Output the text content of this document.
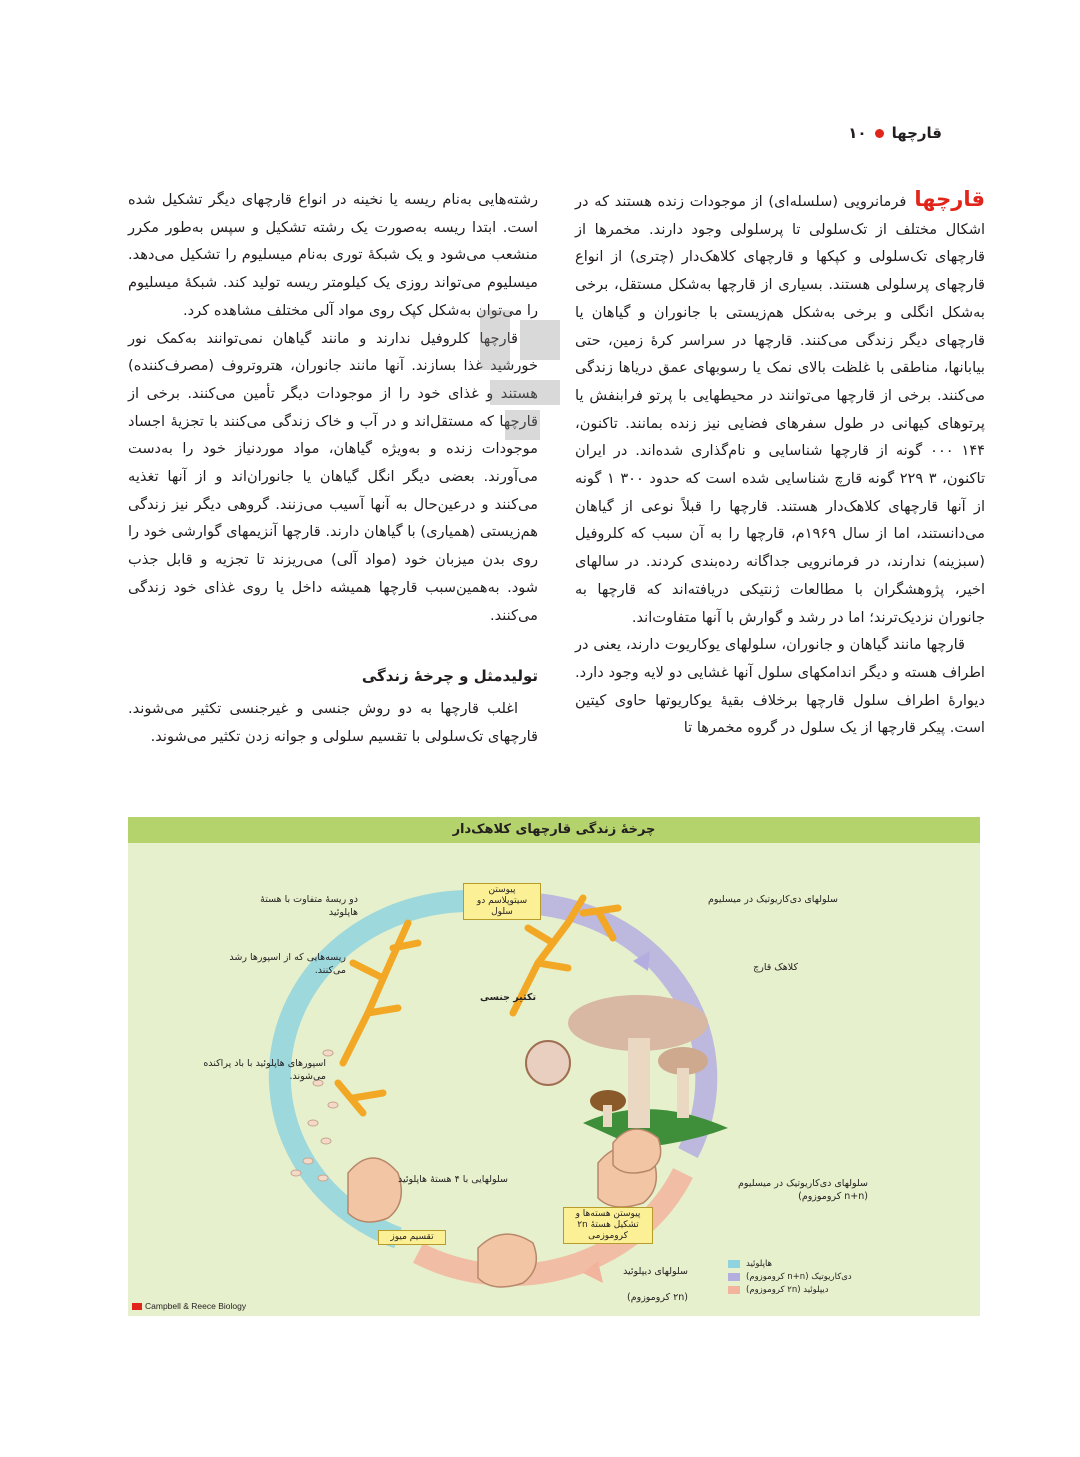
قارچها
۱۰

قارچهافرمانرویی (سلسله‌ای) از موجودات زنده هستند که در اشکال مختلف از تک‌سلولی تا پرسلولی وجود دارند. مخمرها از قارچهای تک‌سلولی و کپکها و قارچهای کلاهک‌دار (چتری) از انواع قارچهای پرسلولی هستند. بسیاری از قارچها به‌شکل مستقل، برخی به‌شکل انگلی و برخی به‌شکل هم‌زیستی با جانوران و گیاهان یا قارچهای دیگر زندگی می‌کنند. قارچها در سراسر کرهٔ زمین، حتی بیابانها، مناطقی با غلظت بالای نمک یا رسوبهای عمق دریاها زندگی می‌کنند. برخی از قارچها می‌توانند در محیطهایی با پرتو فرابنفش یا پرتوهای کیهانی در طول سفرهای فضایی نیز زنده بمانند. تاکنون، ۱۴۴ ۰۰۰ گونه از قارچها شناسایی و نام‌گذاری شده‌اند. در ایران تاکنون، ۳ ۲۲۹ گونه قارچ شناسایی شده است که حدود ۳۰۰ ۱ گونه از آنها قارچهای کلاهک‌دار هستند. قارچها را قبلاً نوعی از گیاهان می‌دانستند، اما از سال ۱۹۶۹م، قارچها را به آن سبب که کلروفیل (سبزینه) ندارند، در فرمانرویی جداگانه رده‌بندی کردند. در سالهای اخیر، پژوهشگران با مطالعات ژنتیکی دریافته‌اند که قارچها به جانوران نزدیک‌ترند؛ اما در رشد و گوارش با آنها متفاوت‌اند.

قارچها مانند گیاهان و جانوران، سلولهای یوکاریوت دارند، یعنی در اطراف هسته و دیگر اندامکهای سلول آنها غشایی دو لایه وجود دارد. دیوارهٔ اطراف سلول قارچها برخلاف بقیهٔ یوکاریوتها حاوی کیتین است. پیکر قارچها از یک سلول در گروه مخمرها تا

رشته‌هایی به‌نام ریسه یا نخینه در انواع قارچهای دیگر تشکیل شده است. ابتدا ریسه به‌صورت یک رشته تشکیل و سپس به‌طور مکرر منشعب می‌شود و یک شبکهٔ توری به‌نام میسلیوم را تشکیل می‌دهد. میسلیوم می‌تواند روزی یک کیلومتر ریسه تولید کند. شبکهٔ میسلیوم را می‌توان به‌شکل کپک روی مواد آلی مختلف مشاهده کرد.

قارچها کلروفیل ندارند و مانند گیاهان نمی‌توانند به‌کمک نور خورشید غذا بسازند. آنها مانند جانوران، هتروتروف (مصرف‌کننده) هستند و غذای خود را از موجودات دیگر تأمین می‌کنند. برخی از قارچها که مستقل‌اند و در آب و خاک زندگی می‌کنند با تجزیهٔ اجساد موجودات زنده و به‌ویژه گیاهان، مواد موردنیاز خود را به‌دست می‌آورند. بعضی دیگر انگل گیاهان یا جانوران‌اند و از آنها تغذیه می‌کنند و درعین‌حال به آنها آسیب می‌زنند. گروهی دیگر نیز زندگی هم‌زیستی (همیاری) با گیاهان دارند. قارچها آنزیمهای گوارشی خود را روی بدن میزبان خود (مواد آلی) می‌ریزند تا تجزیه و قابل جذب شود. به‌همین‌سبب قارچها همیشه داخل یا روی غذای خود زندگی می‌کنند.

تولیدمثل و چرخهٔ زندگی

اغلب قارچها به دو روش جنسی و غیرجنسی تکثیر می‌شوند. قارچهای تک‌سلولی با تقسیم سلولی و جوانه زدن تکثیر می‌شوند.

چرخهٔ زندگی قارچهای کلاهک‌دار
دو ریسهٔ متفاوت با هستهٔ هاپلوئید
ریسه‌هایی که از اسپورها رشد می‌کنند.
اسپورهای هاپلوئید با باد پراکنده می‌شوند.
سلولهایی با ۴ هستهٔ هاپلوئید
سلولهای دی‌کاریوتیک در میسلیوم
کلاهک قارچ
سلولهای دی‌کاریوتیک در میسلیوم (n+n کروموزوم)
سلولهای دیپلوئید
(۲n کروموزوم)
تکثیر جنسی
پیوستن سیتوپلاسم دو سلول
پیوستن هسته‌ها و تشکیل هستهٔ ۲n کروموزمی
تقسیم میوز
هاپلوئید
دی‌کاریوتیک (n+n کروموزوم)
دیپلوئید (۲n کروموزوم)
Campbell & Reece Biology
